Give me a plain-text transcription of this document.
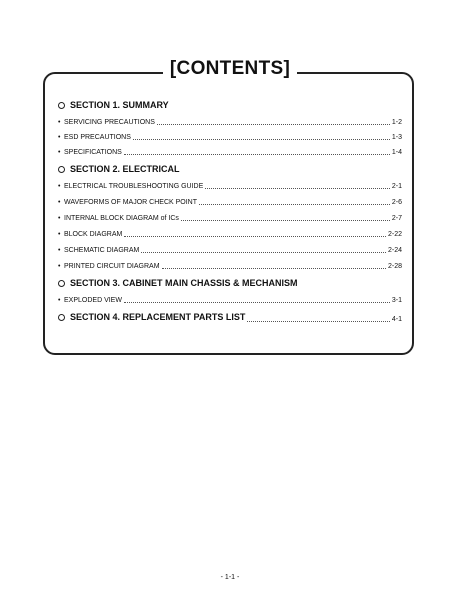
[CONTENTS]
SECTION 1. SUMMARY
• SERVICING PRECAUTIONS	1-2
• ESD PRECAUTIONS	1-3
• SPECIFICATIONS	1-4
SECTION 2. ELECTRICAL
• ELECTRICAL TROUBLESHOOTING GUIDE	2-1
• WAVEFORMS OF MAJOR CHECK POINT	2-6
• INTERNAL BLOCK DIAGRAM of ICs	2-7
• BLOCK DIAGRAM	2-22
• SCHEMATIC DIAGRAM	2-24
• PRINTED CIRCUIT DIAGRAM	2-28
SECTION 3. CABINET MAIN CHASSIS & MECHANISM
• EXPLODED VIEW	3-1
SECTION 4. REPLACEMENT PARTS LIST	4-1
- 1-1 -
